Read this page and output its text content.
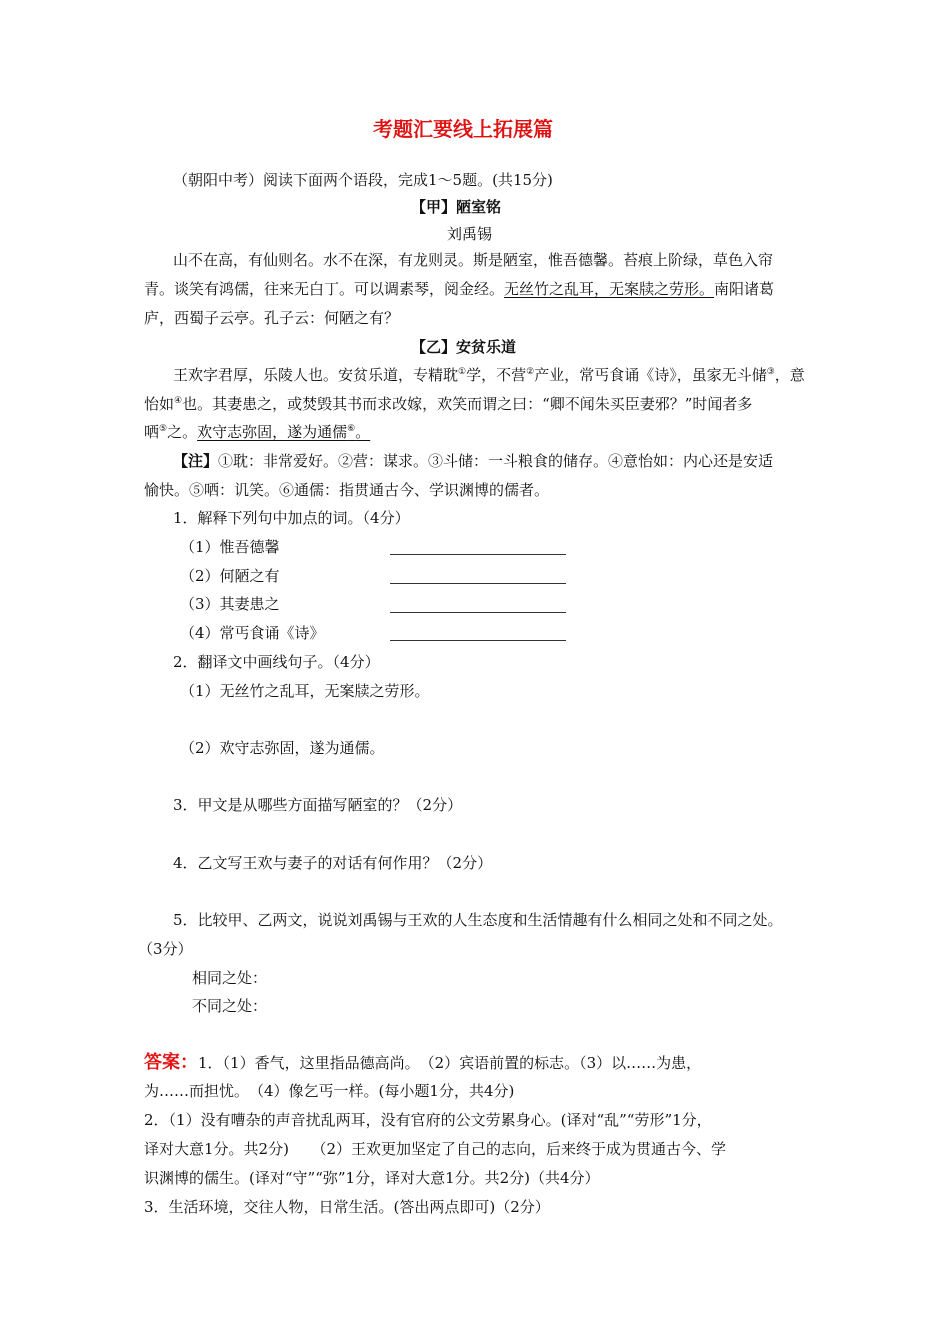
考题汇要线上拓展篇
（朝阳中考）阅读下面两个语段，完成1～5题。(共15分)
【甲】陋室铭
刘禹锡
山不在高，有仙则名。水不在深，有龙则灵。斯是陋室，惟吾德馨。苔痕上阶绿，草色入帘
青。谈笑有鸿儒，往来无白丁。可以调素琴，阅金经。无丝竹之乱耳，无案牍之劳形。南阳诸葛
庐，西蜀子云亭。孔子云：何陋之有？
【乙】安贫乐道
王欢字君厚，乐陵人也。安贫乐道，专精耽①学，不营②产业，常丐食诵《诗》，虽家无斗储③，意
怡如④也。其妻患之，或焚毁其书而求改嫁，欢笑而谓之曰：“卿不闻朱买臣妻邪？”时闻者多
哂⑤之。欢守志弥固，遂为通儒⑥。
【注】①耽：非常爱好。②营：谋求。③斗储：一斗粮食的储存。④意怡如：内心还是安适
愉快。⑤哂：讥笑。⑥通儒：指贯通古今、学识渊博的儒者。
1．解释下列句中加点的词。（4分）
（1）惟吾德馨
（2）何陋之有
（3）其妻患之
（4）常丐食诵《诗》
2．翻译文中画线句子。（4分）
（1）无丝竹之乱耳，无案牍之劳形。
（2）欢守志弥固，遂为通儒。
3．甲文是从哪些方面描写陋室的？（2分）
4．乙文写王欢与妻子的对话有何作用？（2分）
5．比较甲、乙两文，说说刘禹锡与王欢的人生态度和生活情趣有什么相同之处和不同之处。
（3分）
相同之处：
不同之处：
答案：1．（1）香气，这里指品德高尚。　（2）宾语前置的标志。（3）以……为患，
为……而担忧。　（4）像乞丐一样。(每小题1分，共4分)
2．（1）没有嘈杂的声音扰乱两耳，没有官府的公文劳累身心。(译对“乱”“劳形”1分，
译对大意1分。共2分)　　（2）王欢更加坚定了自己的志向，后来终于成为贯通古今、学
识渊博的儒生。(译对“守”“弥”1分，译对大意1分。共2分)（共4分）
3．生活环境，交往人物，日常生活。(答出两点即可)（2分）
